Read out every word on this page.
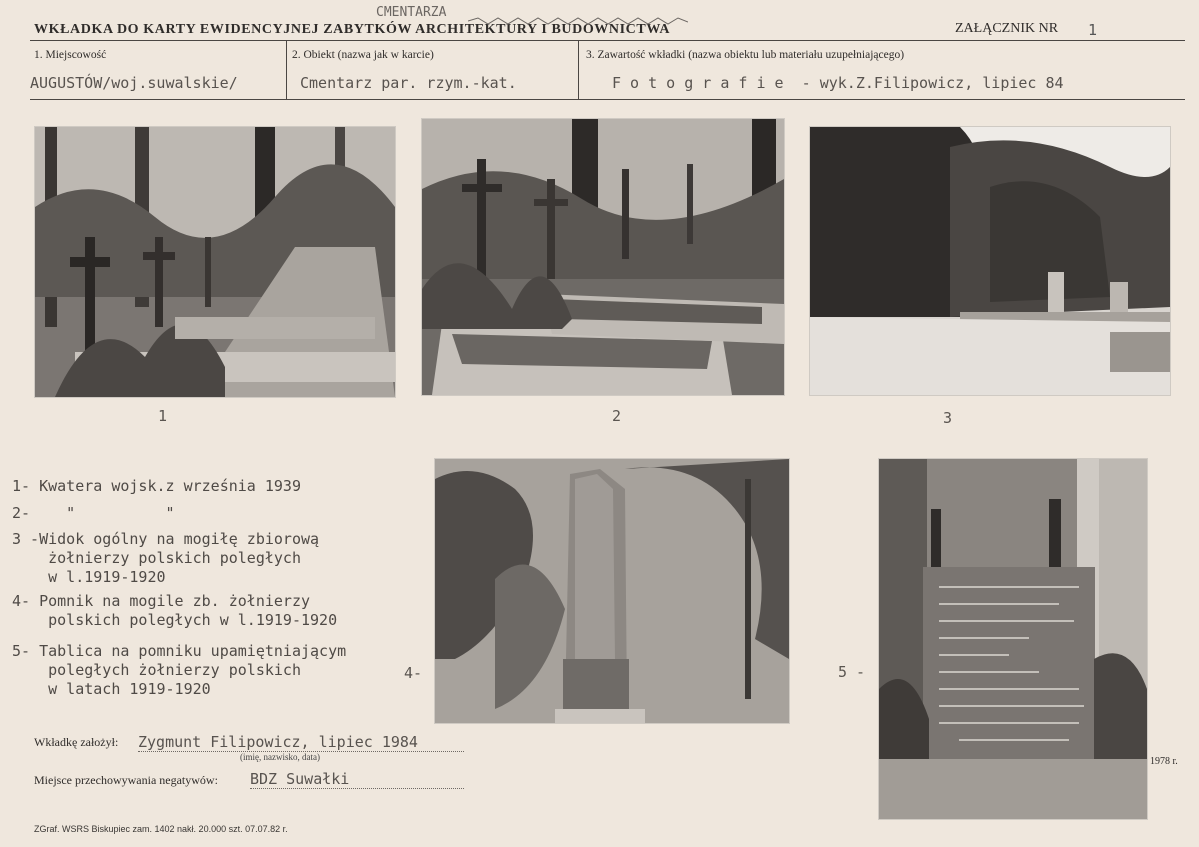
CMENTARZA
WKŁADKA DO KARTY EWIDENCYJNEJ ZABYTKÓW ARCHITEKTURY I BUDOWNICTWA	ZAŁĄCZNIK NR 1
1. Miejscowość
AUGUSTÓW/woj.suwalskie/
2. Obiekt (nazwa jak w karcie)
Cmentarz par. rzym.-kat.
3. Zawartość wkładki (nazwa obiektu lub materiału uzupełniającego)
F o t o g r a f i e  - wyk.Z.Filipowicz, lipiec 84
1	2	3
1- Kwatera wojsk.z września 1939
2-    "          "
3 -Widok ogólny na mogiłę zbiorową
żołnierzy polskich poległych
w l.1919-1920
4- Pomnik na mogile zb. żołnierzy
polskich poległych w l.1919-1920
5- Tablica na pomniku upamiętniającym
poległych żołnierzy polskich
w latach 1919-1920
4-	5 -
Wkładkę założył: Zygmunt Filipowicz, lipiec 1984
(imię, nazwisko, data)
Miejsce przechowywania negatywów: BDZ Suwałki
ZGraf. WSRS Biskupiec zam. 1402 nakł. 20.000 szt. 07.07.82 r.
1978 r.
